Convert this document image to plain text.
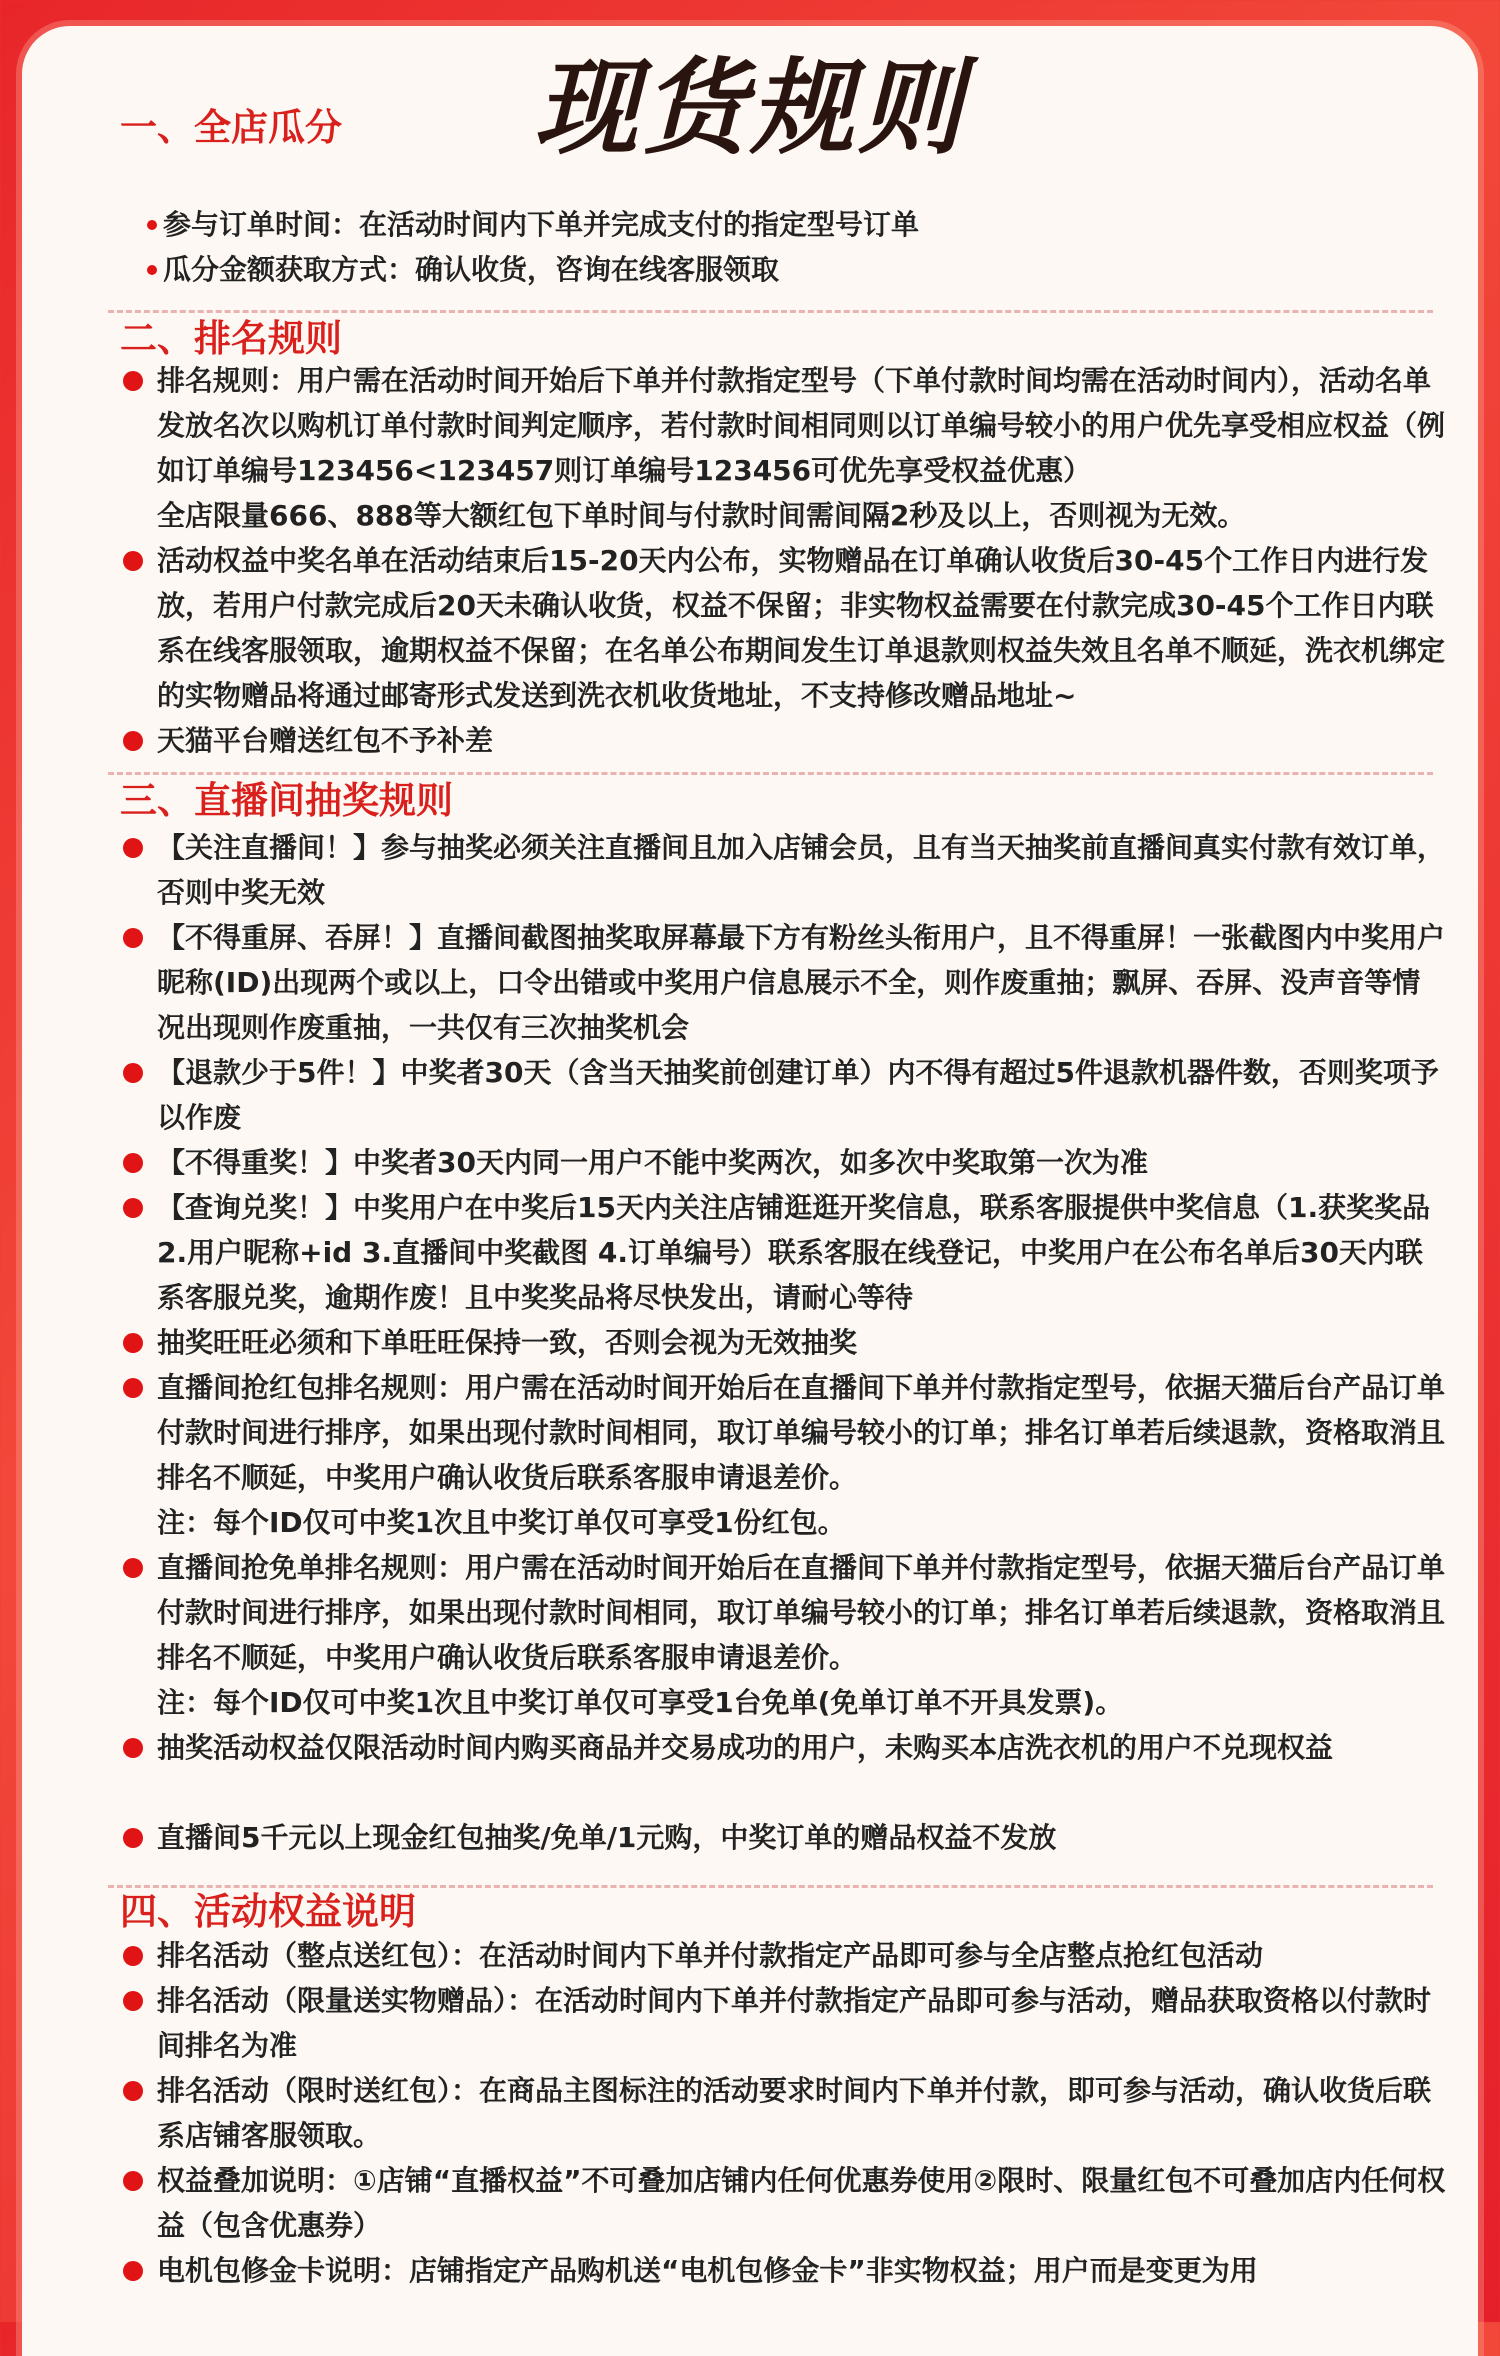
现货规则
一、全店瓜分
参与订单时间：在活动时间内下单并完成支付的指定型号订单
瓜分金额获取方式：确认收货，咨询在线客服领取
二、排名规则
排名规则：用户需在活动时间开始后下单并付款指定型号（下单付款时间均需在活动时间内），活动名单发放名次以购机订单付款时间判定顺序，若付款时间相同则以订单编号较小的用户优先享受相应权益（例如订单编号123456<123457则订单编号123456可优先享受权益优惠）
全店限量666、888等大额红包下单时间与付款时间需间隔2秒及以上，否则视为无效。
活动权益中奖名单在活动结束后15-20天内公布，实物赠品在订单确认收货后30-45个工作日内进行发放，若用户付款完成后20天未确认收货，权益不保留；非实物权益需要在付款完成30-45个工作日内联系在线客服领取，逾期权益不保留；在名单公布期间发生订单退款则权益失效且名单不顺延，洗衣机绑定的实物赠品将通过邮寄形式发送到洗衣机收货地址，不支持修改赠品地址~
天猫平台赠送红包不予补差
三、直播间抽奖规则
【关注直播间！】参与抽奖必须关注直播间且加入店铺会员，且有当天抽奖前直播间真实付款有效订单，否则中奖无效
【不得重屏、吞屏！】直播间截图抽奖取屏幕最下方有粉丝头衔用户，且不得重屏！一张截图内中奖用户昵称(ID)出现两个或以上，口令出错或中奖用户信息展示不全，则作废重抽；飘屏、吞屏、没声音等情况出现则作废重抽，一共仅有三次抽奖机会
【退款少于5件！】中奖者30天（含当天抽奖前创建订单）内不得有超过5件退款机器件数，否则奖项予以作废
【不得重奖！】中奖者30天内同一用户不能中奖两次，如多次中奖取第一次为准
【查询兑奖！】中奖用户在中奖后15天内关注店铺逛逛开奖信息，联系客服提供中奖信息（1.获奖奖品 2.用户昵称+id 3.直播间中奖截图 4.订单编号）联系客服在线登记，中奖用户在公布名单后30天内联系客服兑奖，逾期作废！且中奖奖品将尽快发出，请耐心等待
抽奖旺旺必须和下单旺旺保持一致，否则会视为无效抽奖
直播间抢红包排名规则：用户需在活动时间开始后在直播间下单并付款指定型号，依据天猫后台产品订单付款时间进行排序，如果出现付款时间相同，取订单编号较小的订单；排名订单若后续退款，资格取消且排名不顺延，中奖用户确认收货后联系客服申请退差价。
注：每个ID仅可中奖1次且中奖订单仅可享受1份红包。
直播间抢免单排名规则：用户需在活动时间开始后在直播间下单并付款指定型号，依据天猫后台产品订单付款时间进行排序，如果出现付款时间相同，取订单编号较小的订单；排名订单若后续退款，资格取消且排名不顺延，中奖用户确认收货后联系客服申请退差价。
注：每个ID仅可中奖1次且中奖订单仅可享受1台免单(免单订单不开具发票)。
抽奖活动权益仅限活动时间内购买商品并交易成功的用户，未购买本店洗衣机的用户不兑现权益
直播间5千元以上现金红包抽奖/免单/1元购，中奖订单的赠品权益不发放
四、活动权益说明
排名活动（整点送红包）：在活动时间内下单并付款指定产品即可参与全店整点抢红包活动
排名活动（限量送实物赠品）：在活动时间内下单并付款指定产品即可参与活动，赠品获取资格以付款时间排名为准
排名活动（限时送红包）：在商品主图标注的活动要求时间内下单并付款，即可参与活动，确认收货后联系店铺客服领取。
权益叠加说明：①店铺“直播权益”不可叠加店铺内任何优惠券使用②限时、限量红包不可叠加店内任何权益（包含优惠券）
电机包修金卡说明：店铺指定产品购机送“电机包修金卡”非实物权益；用户而是变更为用
